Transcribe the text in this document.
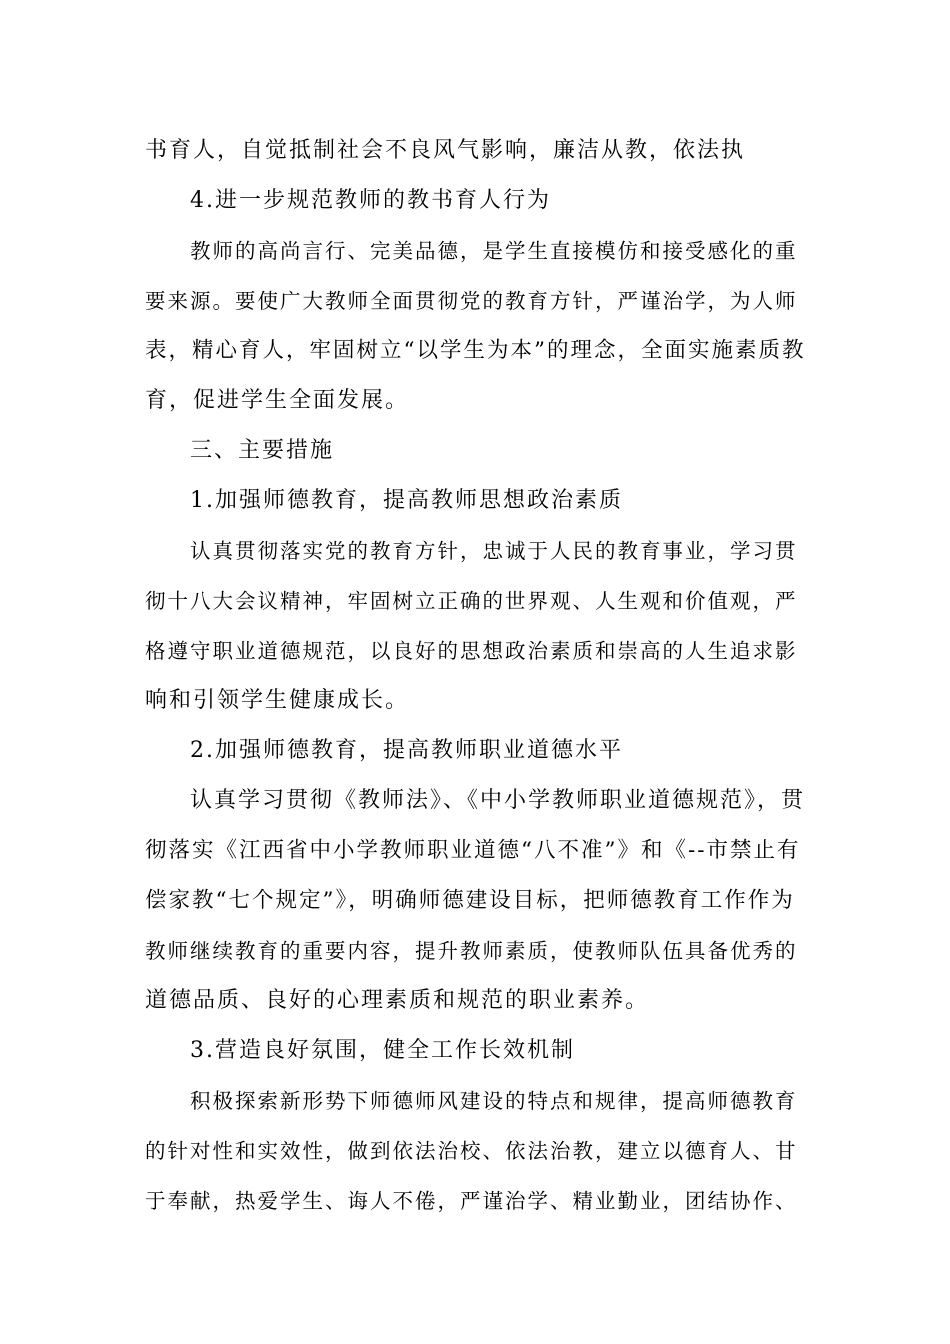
书育人，自觉抵制社会不良风气影响，廉洁从教，依法执
4.进一步规范教师的教书育人行为
教师的高尚言行、完美品德，是学生直接模仿和接受感化的重
要来源。要使广大教师全面贯彻党的教育方针，严谨治学，为人师
表，精心育人，牢固树立“以学生为本”的理念，全面实施素质教
育，促进学生全面发展。
三、主要措施
1.加强师德教育，提高教师思想政治素质
认真贯彻落实党的教育方针，忠诚于人民的教育事业，学习贯
彻十八大会议精神，牢固树立正确的世界观、人生观和价值观，严
格遵守职业道德规范，以良好的思想政治素质和崇高的人生追求影
响和引领学生健康成长。
2.加强师德教育，提高教师职业道德水平
认真学习贯彻《教师法》、《中小学教师职业道德规范》，贯
彻落实《江西省中小学教师职业道德“八不准”》和《--市禁止有
偿家教“七个规定”》，明确师德建设目标，把师德教育工作作为
教师继续教育的重要内容，提升教师素质，使教师队伍具备优秀的
道德品质、良好的心理素质和规范的职业素养。
3.营造良好氛围，健全工作长效机制
积极探索新形势下师德师风建设的特点和规律，提高师德教育
的针对性和实效性，做到依法治校、依法治教，建立以德育人、甘
于奉献，热爱学生、诲人不倦，严谨治学、精业勤业，团结协作、
